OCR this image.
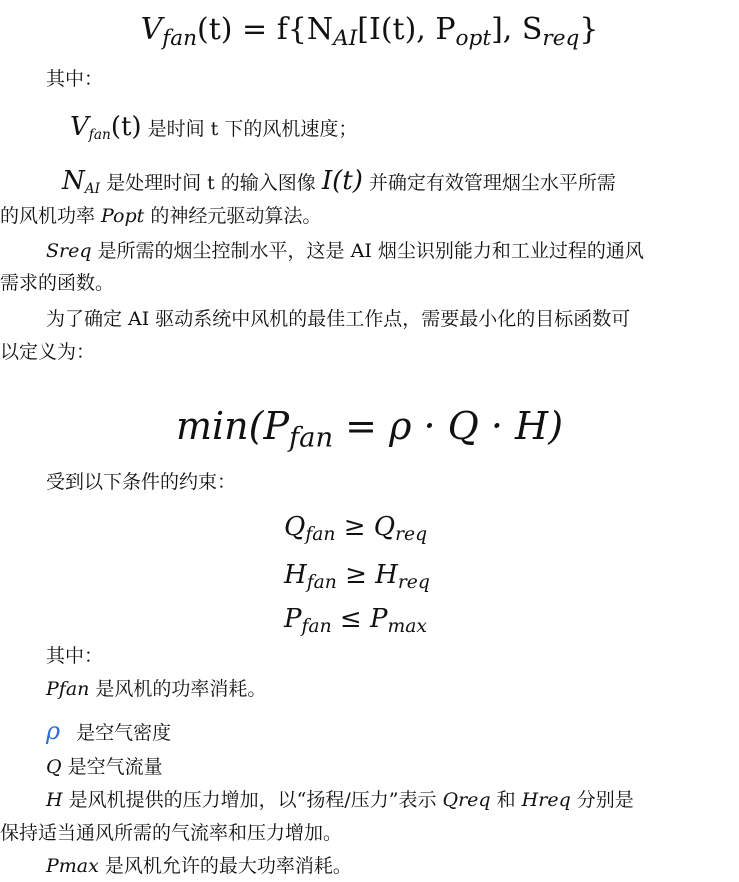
$V_{fan}(t) = f\{N_{AI}[I(t)$, $P_{opt}$], $S_{req}$}
其中：
$V_{fan}(t)$ 是时间 t 下的风机速度；
$N_{AI}$ 是处理时间 t 的输入图像 I(t) 并确定有效管理烟尘水平所需
的风机功率 Popt 的神经元驱动算法。
Sreq 是所需的烟尘控制水平，这是 AI 烟尘识别能力和工业过程的通风
需求的函数。
为了确定 AI 驱动系统中风机的最佳工作点，需要最小化的目标函数可
以定义为：
$\min(P_{fan} = \rho \cdot Q \cdot H)$
受到以下条件的约束：
$Q_{fan} \ge Q_{req}$
$H_{fan} \ge H_{req}$
$P_{fan} \le P_{max}$
其中：
Pfan 是风机的功率消耗。
ρ 是空气密度
Q 是空气流量
H 是风机提供的压力增加，以“扬程/压力”表示 Qreq 和 Hreq 分别是
保持适当通风所需的气流率和压力增加。
Pmax 是风机允许的最大功率消耗。
